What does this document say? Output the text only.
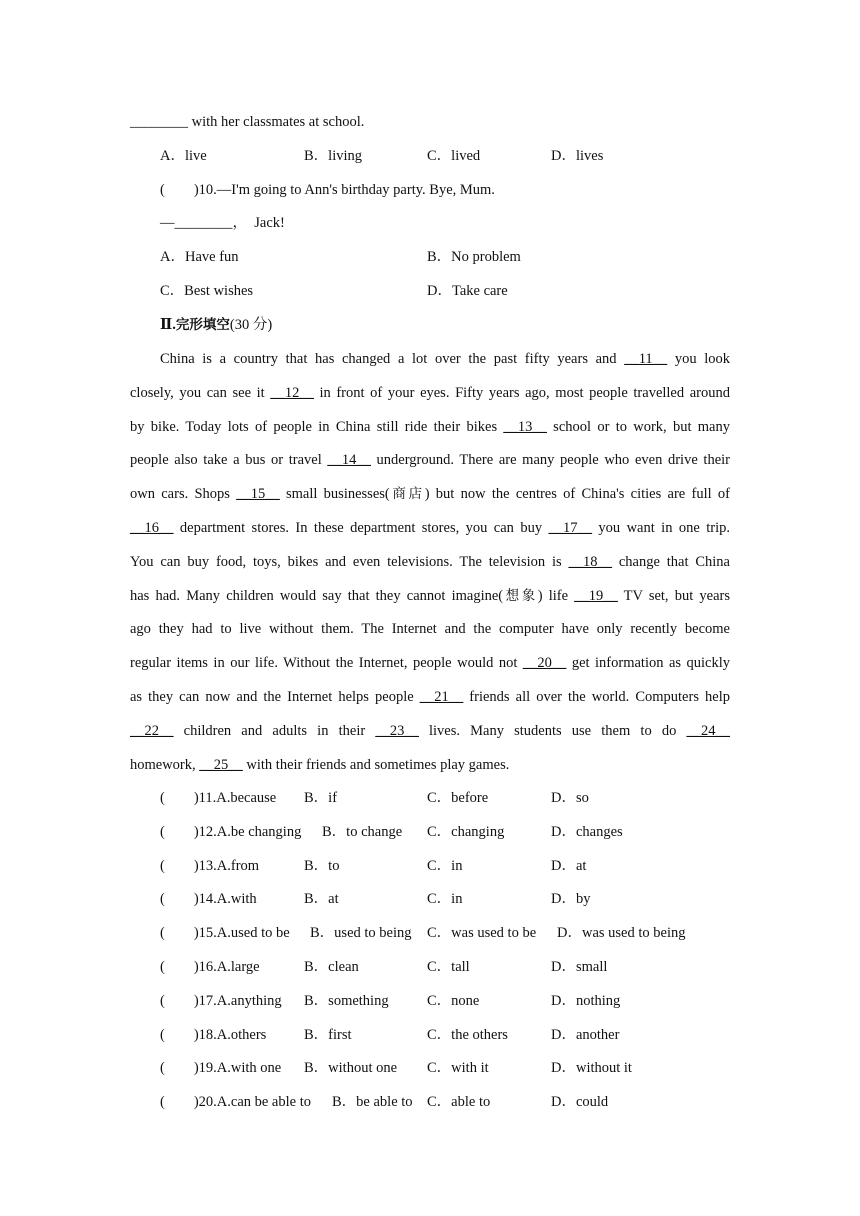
________ with her classmates at school.
A．live	B．living	C．lived	D．lives
(　　)10.—I'm going to Ann's birthday party. Bye, Mum.
—________，　Jack!
A．Have fun	B．No problem
C．Best wishes	D．Take care
Ⅱ.完形填空(30 分)
China is a country that has changed a lot over the past fifty years and __11__ you look
closely, you can see it __12__ in front of your eyes. Fifty years ago, most people travelled around
by bike. Today lots of people in China still ride their bikes __13__ school or to work, but many
people also take a bus or travel __14__ underground. There are many people who even drive their
own cars. Shops __15__ small businesses(商店) but now the centres of China's cities are full of
__16__ department stores. In these department stores, you can buy __17__ you want in one trip.
You can buy food, toys, bikes and even televisions. The television is __18__ change that China
has had. Many children would say that they cannot imagine(想象) life __19__ TV set, but years
ago they had to live without them. The Internet and the computer have only recently become
regular items in our life. Without the Internet, people would not __20__ get information as quickly
as they can now and the Internet helps people __21__ friends all over the world. Computers help
__22__ children and adults in their __23__ lives. Many students use them to do __24__
homework, __25__ with their friends and sometimes play games.
(　　)11.A.because B．if	C．before	D．so
(　　)12.A.be changing B．to change C．changing	D．changes
(　　)13.A.from	B．to	C．in	D．at
(　　)14.A.with	B．at	C．in	D．by
(　　)15.A.used to be B．used to being C．was used to be D．was used to being
(　　)16.A.large	B．clean	C．tall	D．small
(　　)17.A.anything B．something	C．none	D．nothing
(　　)18.A.others	B．first	C．the others	D．another
(　　)19.A.with one B．without one C．with it	D．without it
(　　)20.A.can be able to B．be able to C．able to	D．could
